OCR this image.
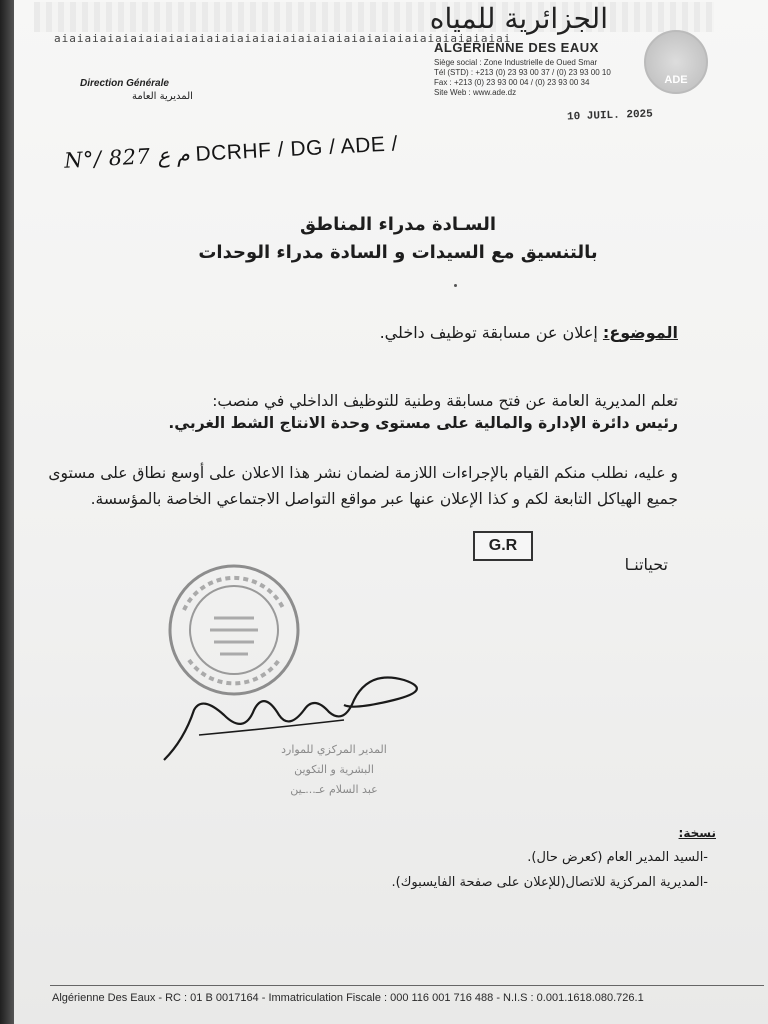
الجزائرية للمياه
aiaiaiaiaiaiaiaiaiaiaiaiaiaiaiaiaiaiaiaiaiaiaiaiaiaiaiaiaiai
ALGÉRIENNE DES EAUX
Siège social : Zone Industrielle de Oued Smar
Tél (STD) : +213 (0) 23 93 00 37 / (0) 23 93 00 10
Fax : +213 (0) 23 93 00 04 / (0) 23 93 00 34
Site Web : www.ade.dz
ADE
Direction Générale
المديرية العامة
10 JUIL. 2025
N°/ 827 م ع DCRHF / DG / ADE /
السـادة مدراء المناطق
بالتنسيق مع السيدات و السادة مدراء الوحدات
الموضوع: إعلان عن مسابقة توظيف داخلي.
تعلم المديرية العامة عن فتح مسابقة وطنية للتوظيف الداخلي في منصب:
رئيس دائرة الإدارة والمالية على مستوى وحدة الانتاج الشط الغربي.
و عليه، نطلب منكم القيام بالإجراءات اللازمة لضمان نشر هذا الاعلان على أوسع نطاق على مستوى جميع الهياكل التابعة لكم و كذا الإعلان عنها عبر مواقع التواصل الاجتماعي الخاصة بالمؤسسة.
G.R
تحياتنـا
المدير المركزي للموارد
البشرية و التكوين
عبد السلام عـ...ـين
نسخة:
-السيد المدير العام (كعرض حال).
-المديرية المركزية للاتصال(للإعلان على صفحة الفايسبوك).
Algérienne Des Eaux - RC : 01 B 0017164 - Immatriculation Fiscale : 000 116 001 716 488 - N.I.S : 0.001.1618.080.726.1
